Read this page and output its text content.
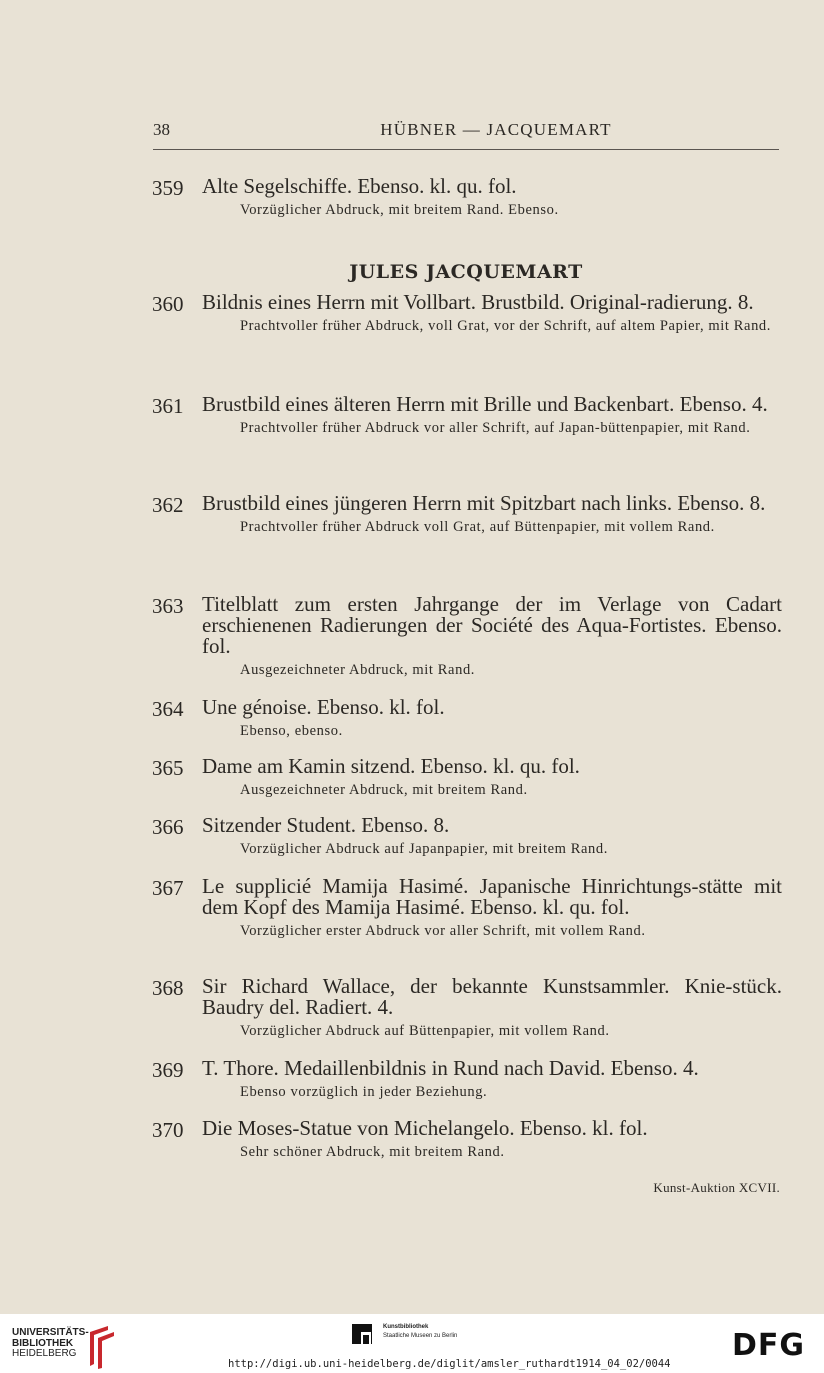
38	HÜBNER — JACQUEMART
359 Alte Segelschiffe. Ebenso. kl. qu. fol.
Vorzüglicher Abdruck, mit breitem Rand. Ebenso.
JULES JACQUEMART
360 Bildnis eines Herrn mit Vollbart. Brustbild. Original-radierung. 8.
Prachtvoller früher Abdruck, voll Grat, vor der Schrift, auf altem Papier, mit Rand.
361 Brustbild eines älteren Herrn mit Brille und Backenbart. Ebenso. 4.
Prachtvoller früher Abdruck vor aller Schrift, auf Japan-büttenpapier, mit Rand.
362 Brustbild eines jüngeren Herrn mit Spitzbart nach links. Ebenso. 8.
Prachtvoller früher Abdruck voll Grat, auf Büttenpapier, mit vollem Rand.
363 Titelblatt zum ersten Jahrgange der im Verlage von Cadart erschienenen Radierungen der Société des Aqua-Fortistes. Ebenso. fol.
Ausgezeichneter Abdruck, mit Rand.
364 Une génoise. Ebenso. kl. fol.
Ebenso, ebenso.
365 Dame am Kamin sitzend. Ebenso. kl. qu. fol.
Ausgezeichneter Abdruck, mit breitem Rand.
366 Sitzender Student. Ebenso. 8.
Vorzüglicher Abdruck auf Japanpapier, mit breitem Rand.
367 Le supplicié Mamija Hasimé. Japanische Hinrichtungs-stätte mit dem Kopf des Mamija Hasimé. Ebenso. kl. qu. fol.
Vorzüglicher erster Abdruck vor aller Schrift, mit vollem Rand.
368 Sir Richard Wallace, der bekannte Kunstsammler. Knie-stück. Baudry del. Radiert. 4.
Vorzüglicher Abdruck auf Büttenpapier, mit vollem Rand.
369 T. Thore. Medaillenbildnis in Rund nach David. Ebenso. 4.
Ebenso vorzüglich in jeder Beziehung.
370 Die Moses-Statue von Michelangelo. Ebenso. kl. fol.
Sehr schöner Abdruck, mit breitem Rand.
Kunst-Auktion XCVII.
UNIVERSITÄTS-
BIBLIOTHEK
HEIDELBERG
Kunstbibliothek
Staatliche Museen zu Berlin	DFG
http://digi.ub.uni-heidelberg.de/diglit/amsler_ruthardt1914_04_02/0044
